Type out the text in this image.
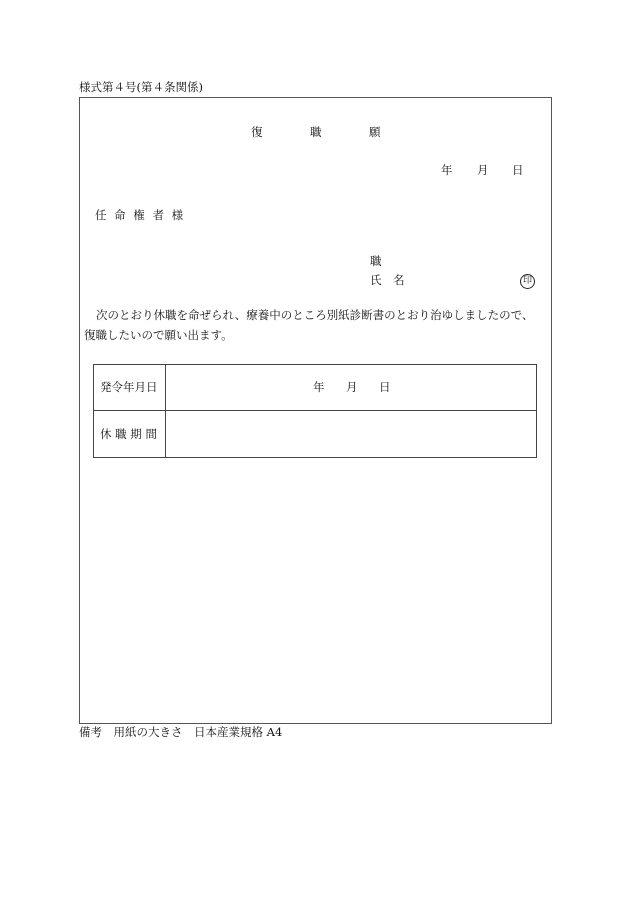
様式第４号(第４条関係)
復	職	願
年 月 日
任 命 権 者 様
職
氏　名	印
次のとおり休職を命ぜられ、療養中のところ別紙診断書のとおり治ゆしましたので、
復職したいので願い出ます。
発令年月日	年 月 日
休 職 期 間
備考　用紙の大きさ　日本産業規格 A4
